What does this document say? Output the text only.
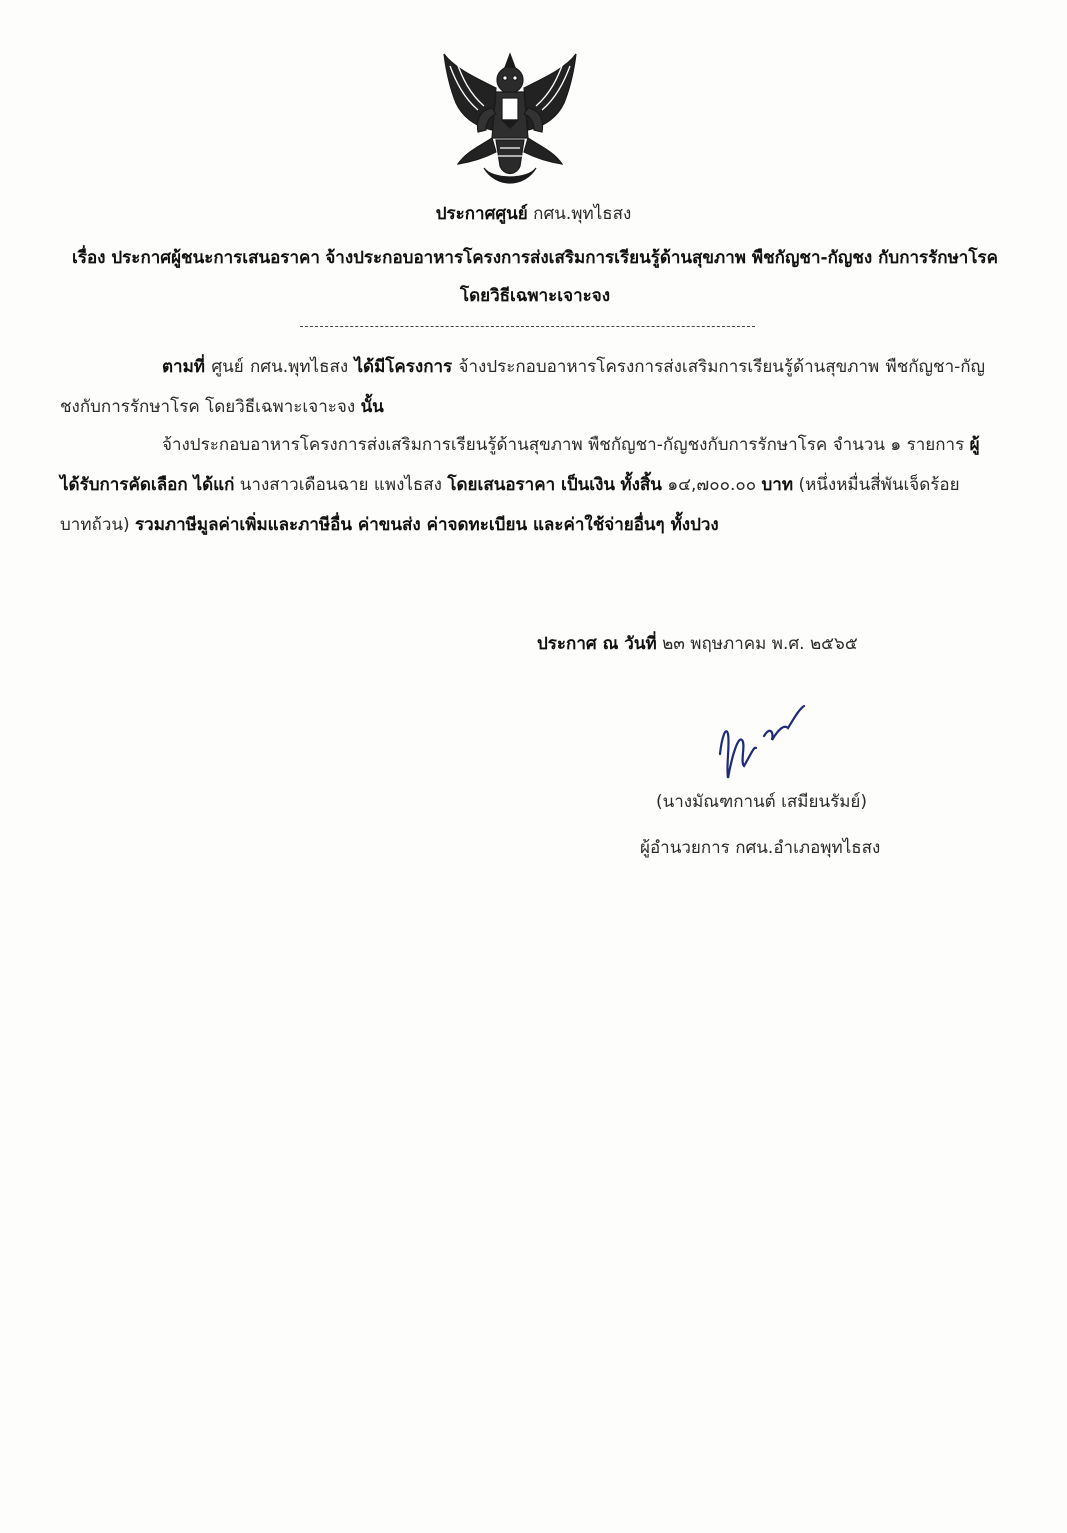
ประกาศศูนย์ กศน.พุทไธสง
เรื่อง ประกาศผู้ชนะการเสนอราคา จ้างประกอบอาหารโครงการส่งเสริมการเรียนรู้ด้านสุขภาพ พืชกัญชา-กัญชง กับการรักษาโรค โดยวิธีเฉพาะเจาะจง
ตามที่ ศูนย์ กศน.พุทไธสง ได้มีโครงการ จ้างประกอบอาหารโครงการส่งเสริมการเรียนรู้ด้านสุขภาพ พืชกัญชา-กัญชงกับการรักษาโรค โดยวิธีเฉพาะเจาะจง นั้น
จ้างประกอบอาหารโครงการส่งเสริมการเรียนรู้ด้านสุขภาพ พืชกัญชา-กัญชงกับการรักษาโรค จำนวน ๑ รายการ ผู้ได้รับการคัดเลือก ได้แก่ นางสาวเดือนฉาย แพงไธสง โดยเสนอราคา เป็นเงิน ทั้งสิ้น ๑๔,๗๐๐.๐๐ บาท (หนึ่งหมื่นสี่พันเจ็ดร้อยบาทถ้วน) รวมภาษีมูลค่าเพิ่มและภาษีอื่น ค่าขนส่ง ค่าจดทะเบียน และค่าใช้จ่ายอื่นๆ ทั้งปวง
ประกาศ ณ วันที่ ๒๓ พฤษภาคม พ.ศ. ๒๕๖๕
(นางมัณฑกานต์ เสมียนรัมย์)
ผู้อำนวยการ กศน.อำเภอพุทไธสง
